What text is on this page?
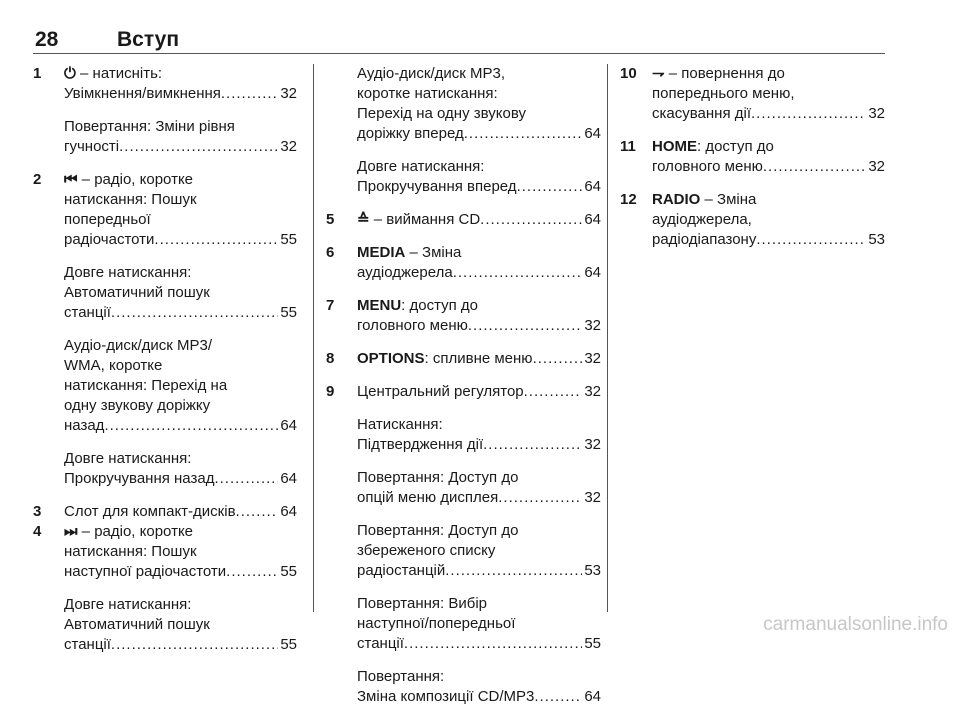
28	Вступ
1 ⏻ – натисніть:
Увімкнення/вимкнення .....	32
Повертання: Зміни рівня
гучності .....	32
2 ⏮ – радіо, коротке
натискання: Пошук
попередньої
радіочастоти .....	55
Довге натискання:
Автоматичний пошук
станції .....	55
Аудіо-диск/диск MP3/
WMA, коротке
натискання: Перехід на
одну звукову доріжку
назад .....	64
Довге натискання:
Прокручування назад .....	64
3 Слот для компакт-дисків .....	64
4 ⏭ – радіо, коротке
натискання: Пошук
наступної радіочастоти .....	55
Довге натискання:
Автоматичний пошук
станції .....	55
Аудіо-диск/диск MP3,
коротке натискання:
Перехід на одну звукову
доріжку вперед .....	64
Довге натискання:
Прокручування вперед .....	64
5 ≙ – виймання CD .....	64
6 MEDIA – Зміна
аудіоджерела .....	64
7 MENU: доступ до
головного меню .....	32
8 OPTIONS: спливне меню .....	32
9 Центральний регулятор .....	32
Натискання:
Підтвердження дії .....	32
Повертання: Доступ до
опцій меню дисплея .....	32
Повертання: Доступ до
збереженого списку
радіостанцій .....	53
Повертання: Вибір
наступної/попередньої
станції .....	55
Повертання:
Зміна композиції CD/MP3 .....	64
10 ⇁ – повернення до
попереднього меню,
скасування дії .....	32
11 HOME: доступ до
головного меню .....	32
12 RADIO – Зміна
аудіоджерела,
радіодіапазону .....	53
carmanualsonline.info
